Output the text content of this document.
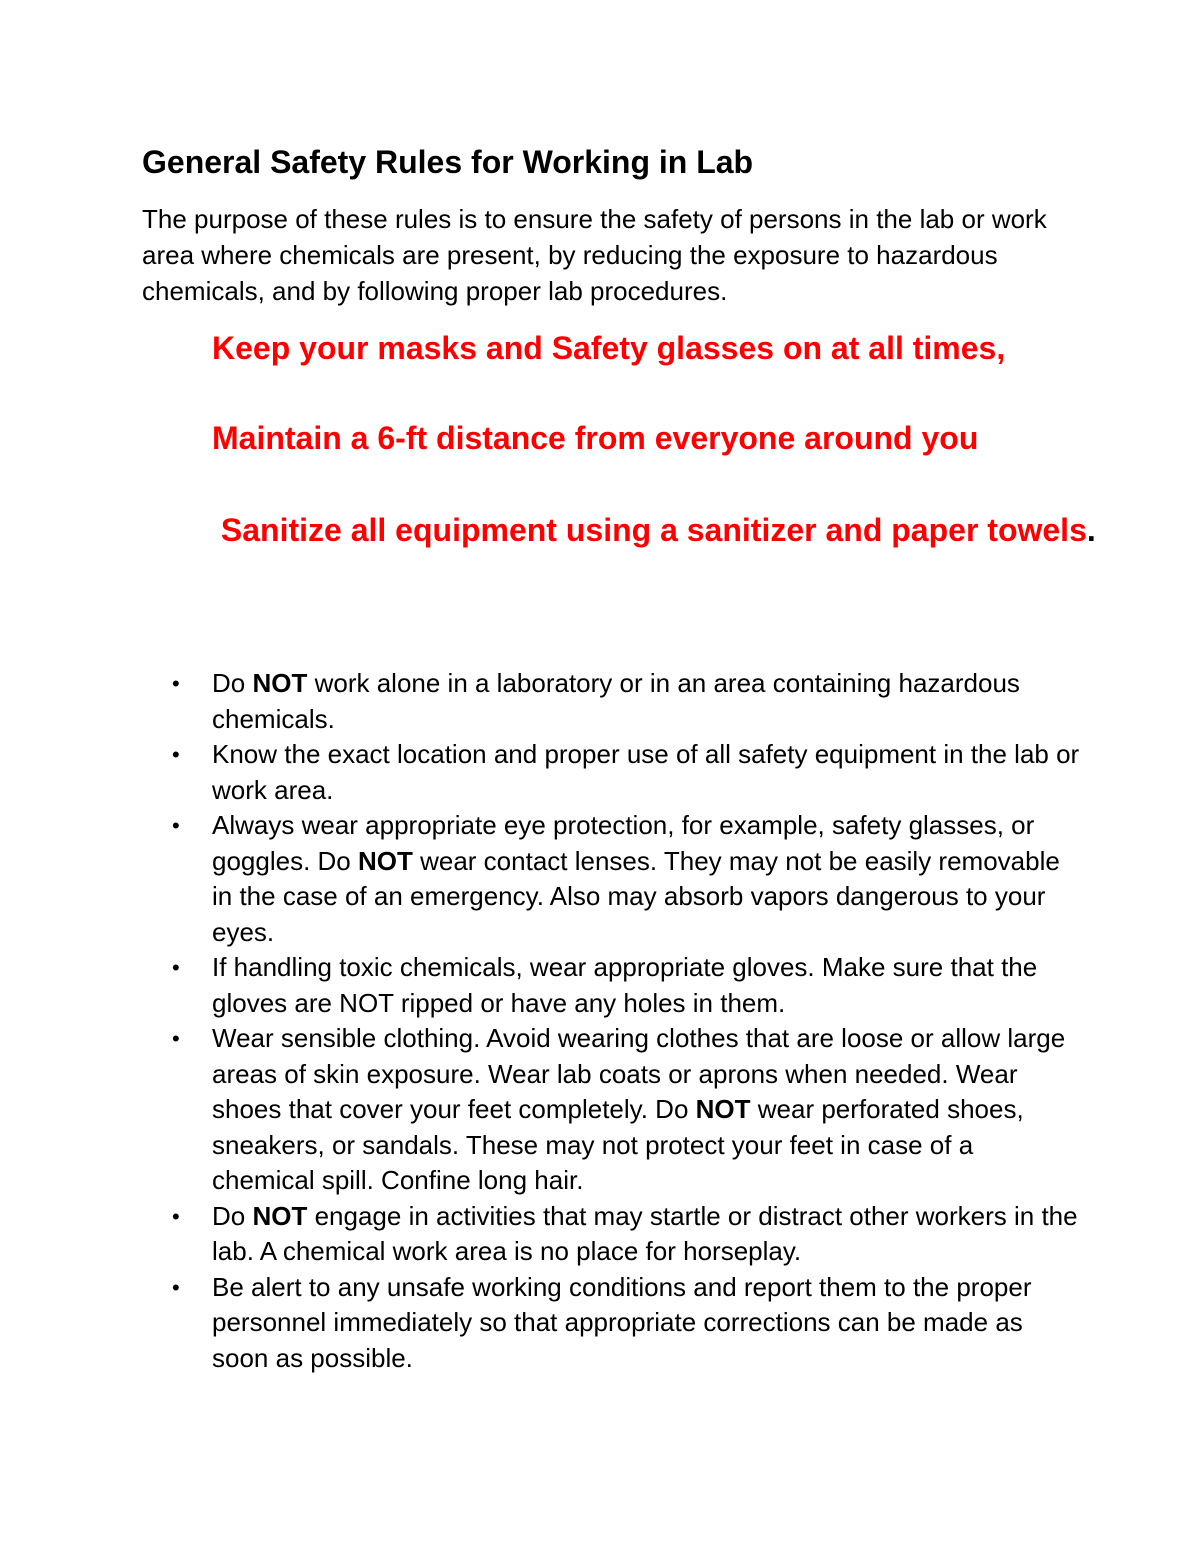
General Safety Rules for Working in Lab

The purpose of these rules is to ensure the safety of persons in the lab or work area where chemicals are present, by reducing the exposure to hazardous chemicals, and by following proper lab procedures.

Keep your masks and Safety glasses on at all times,

Maintain a 6-ft distance from everyone around you

Sanitize all equipment using a sanitizer and paper towels.

• Do NOT work alone in a laboratory or in an area containing hazardous chemicals.
• Know the exact location and proper use of all safety equipment in the lab or work area.
• Always wear appropriate eye protection, for example, safety glasses, or goggles. Do NOT wear contact lenses. They may not be easily removable in the case of an emergency. Also may absorb vapors dangerous to your eyes.
• If handling toxic chemicals, wear appropriate gloves. Make sure that the gloves are NOT ripped or have any holes in them.
• Wear sensible clothing. Avoid wearing clothes that are loose or allow large areas of skin exposure. Wear lab coats or aprons when needed. Wear shoes that cover your feet completely. Do NOT wear perforated shoes, sneakers, or sandals. These may not protect your feet in case of a chemical spill. Confine long hair.
• Do NOT engage in activities that may startle or distract other workers in the lab. A chemical work area is no place for horseplay.
• Be alert to any unsafe working conditions and report them to the proper personnel immediately so that appropriate corrections can be made as soon as possible.
